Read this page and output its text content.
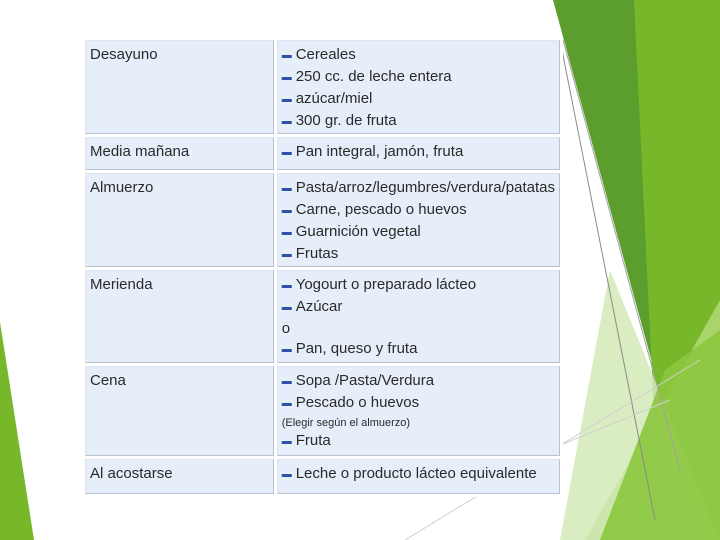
Desayuno	▬ Cereales
▬ 250 cc. de leche entera
▬ azúcar/miel
▬ 300 gr. de fruta

Media mañana	▬ Pan integral, jamón, fruta

Almuerzo	▬ Pasta/arroz/legumbres/verdura/patatas
▬ Carne, pescado o huevos
▬ Guarnición vegetal
▬ Frutas

Merienda	▬ Yogourt o preparado lácteo
▬ Azúcar
o
▬ Pan, queso y fruta

Cena	▬ Sopa /Pasta/Verdura
▬ Pescado o huevos
(Elegir según el almuerzo)
▬ Fruta

Al acostarse	▬ Leche o producto lácteo equivalente
